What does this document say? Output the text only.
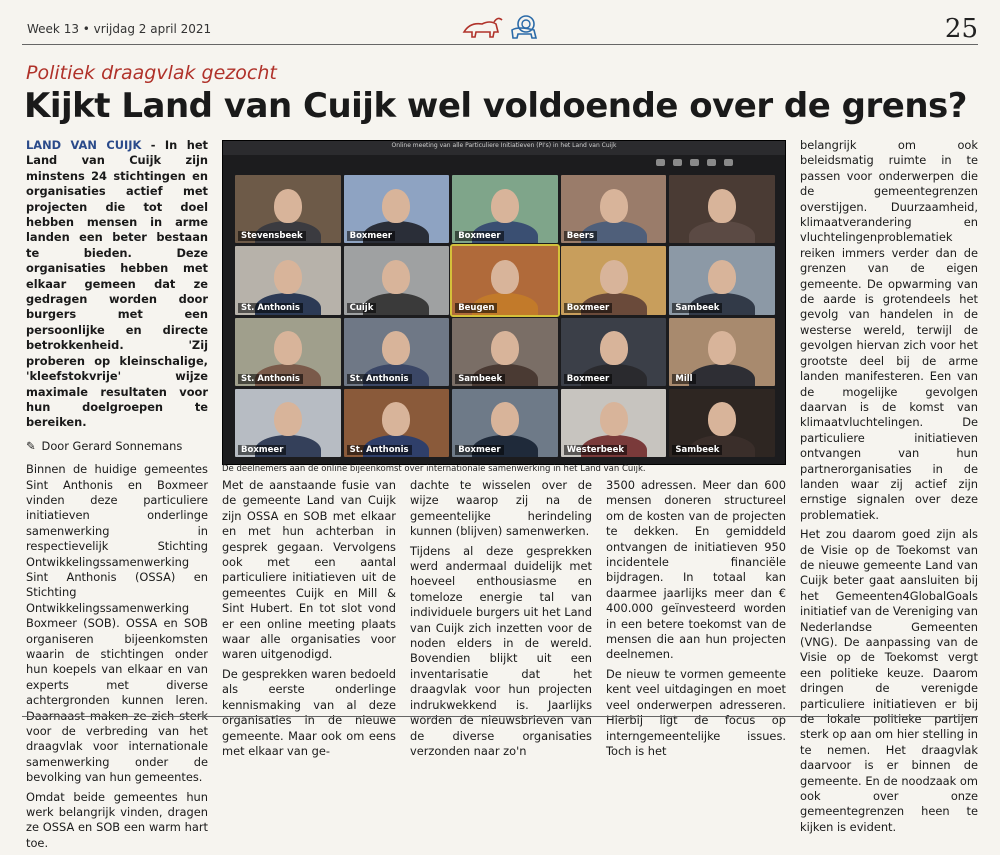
Week 13 • vrijdag 2 april 2021	25
Politiek draagvlak gezocht
Kijkt Land van Cuijk wel voldoende over de grens?

LAND VAN CUIJK - In het Land van Cuijk zijn minstens 24 stichtingen en organisaties actief met projecten die tot doel hebben mensen in arme landen een beter bestaan te bieden. Deze organisaties hebben met elkaar gemeen dat ze gedragen worden door burgers met een persoonlijke en directe betrokkenheid. 'Zij proberen op kleinschalige, 'kleefstokvrije' wijze maximale resultaten voor hun doelgroepen te bereiken.

✎ Door Gerard Sonnemans

Binnen de huidige gemeentes Sint Anthonis en Boxmeer vinden deze particuliere initiatieven onderlinge samenwerking in respectievelijk Stichting Ontwikkelingssamenwerking Sint Anthonis (OSSA) en Stichting Ontwikkelingssamenwerking Boxmeer (SOB). OSSA en SOB organiseren bijeenkomsten waarin de stichtingen onder hun koepels van elkaar en van experts met diverse achtergronden kunnen leren. Daarnaast maken ze zich sterk voor de verbreding van het draagvlak voor internationale samenwerking onder de bevolking van hun gemeentes.

Omdat beide gemeentes hun werk belangrijk vinden, dragen ze OSSA en SOB een warm hart toe.

Online meeting van alle Particuliere Initiatieven (PI's) in het Land van Cuijk
Stevensbeek	Boxmeer	Boxmeer	Beers
St. Anthonis	Cuijk	Beugen	Boxmeer	Sambeek
St. Anthonis	St. Anthonis	Sambeek	Boxmeer	Mill
Boxmeer	St. Anthonis	Boxmeer	Westerbeek	Sambeek
De deelnemers aan de online bijeenkomst over internationale samenwerking in het Land van Cuijk.

Met de aanstaande fusie van de gemeente Land van Cuijk zijn OSSA en SOB met elkaar en met hun achterban in gesprek gegaan. Vervolgens ook met een aantal particuliere initiatieven uit de gemeentes Cuijk en Mill & Sint Hubert. En tot slot vond er een online meeting plaats waar alle organisaties voor waren uitgenodigd.

De gesprekken waren bedoeld als eerste onderlinge kennismaking van al deze organisaties in de nieuwe gemeente. Maar ook om eens met elkaar van ge-

dachte te wisselen over de wijze waarop zij na de gemeentelijke herindeling kunnen (blijven) samenwerken.

Tijdens al deze gesprekken werd andermaal duidelijk met hoeveel enthousiasme en tomeloze energie tal van individuele burgers uit het Land van Cuijk zich inzetten voor de noden elders in de wereld. Bovendien blijkt uit een inventarisatie dat het draagvlak voor hun projecten indrukwekkend is. Jaarlijks worden de nieuwsbrieven van de diverse organisaties verzonden naar zo'n

3500 adressen. Meer dan 600 mensen doneren structureel om de kosten van de projecten te dekken. En gemiddeld ontvangen de initiatieven 950 incidentele financiële bijdragen. In totaal kan daarmee jaarlijks meer dan € 400.000 geïnvesteerd worden in een betere toekomst van de mensen die aan hun projecten deelnemen.

De nieuw te vormen gemeente kent veel uitdagingen en moet veel onderwerpen adresseren. Hierbij ligt de focus op interngemeentelijke issues. Toch is het

belangrijk om ook beleidsmatig ruimte in te passen voor onderwerpen die de gemeentegrenzen overstijgen. Duurzaamheid, klimaatverandering en vluchtelingenproblematiek reiken immers verder dan de grenzen van de eigen gemeente. De opwarming van de aarde is grotendeels het gevolg van handelen in de westerse wereld, terwijl de gevolgen hiervan zich voor het grootste deel bij de arme landen manifesteren. Een van de mogelijke gevolgen daarvan is de komst van klimaatvluchtelingen. De particuliere initiatieven ontvangen van hun partnerorganisaties in de landen waar zij actief zijn ernstige signalen over deze problematiek.

Het zou daarom goed zijn als de Visie op de Toekomst van de nieuwe gemeente Land van Cuijk beter gaat aansluiten bij het Gemeenten4GlobalGoals initiatief van de Vereniging van Nederlandse Gemeenten (VNG). De aanpassing van de Visie op de Toekomst vergt een politieke keuze. Daarom dringen de verenigde particuliere initiatieven er bij de lokale politieke partijen sterk op aan om hier stelling in te nemen. Het draagvlak daarvoor is er binnen de gemeente. En de noodzaak om ook over onze gemeentegrenzen heen te kijken is evident.
